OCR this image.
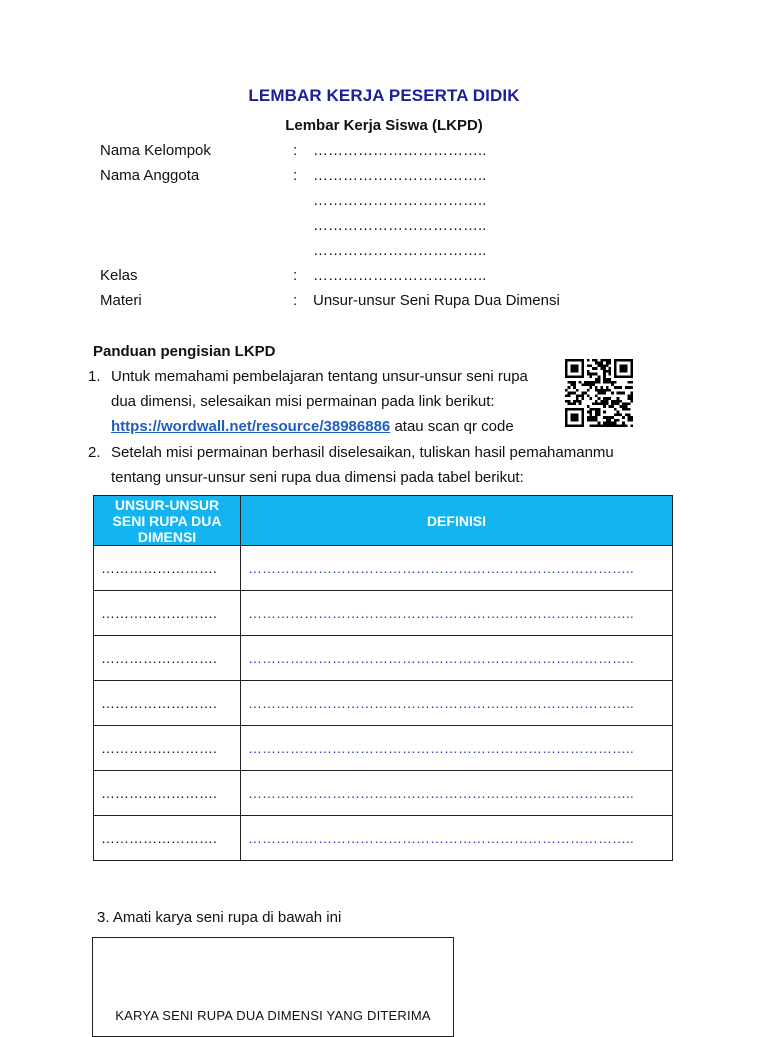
LEMBAR KERJA PESERTA DIDIK
Lembar Kerja Siswa (LKPD)
Nama Kelompok	: ……………………………..
Nama Anggota	: ……………………………..
……………………………..
……………………………..
……………………………..
Kelas	: ……………………………..
Materi	: Unsur-unsur Seni Rupa Dua Dimensi
Panduan pengisian LKPD
1. Untuk memahami pembelajaran tentang unsur-unsur seni rupa
dua dimensi, selesaikan misi permainan pada link berikut:
https://wordwall.net/resource/38986886 atau scan qr code
2. Setelah misi permainan berhasil diselesaikan, tuliskan hasil pemahamanmu
tentang unsur-unsur seni rupa dua dimensi pada tabel berikut:
UNSUR-UNSUR SENI RUPA DUA DIMENSI	DEFINISI
…………………….	………………………………………………………………………..
…………………….	………………………………………………………………………..
…………………….	………………………………………………………………………..
…………………….	………………………………………………………………………..
…………………….	………………………………………………………………………..
…………………….	………………………………………………………………………..
…………………….	………………………………………………………………………..
3. Amati karya seni rupa di bawah ini
KARYA SENI RUPA DUA DIMENSI YANG DITERIMA
